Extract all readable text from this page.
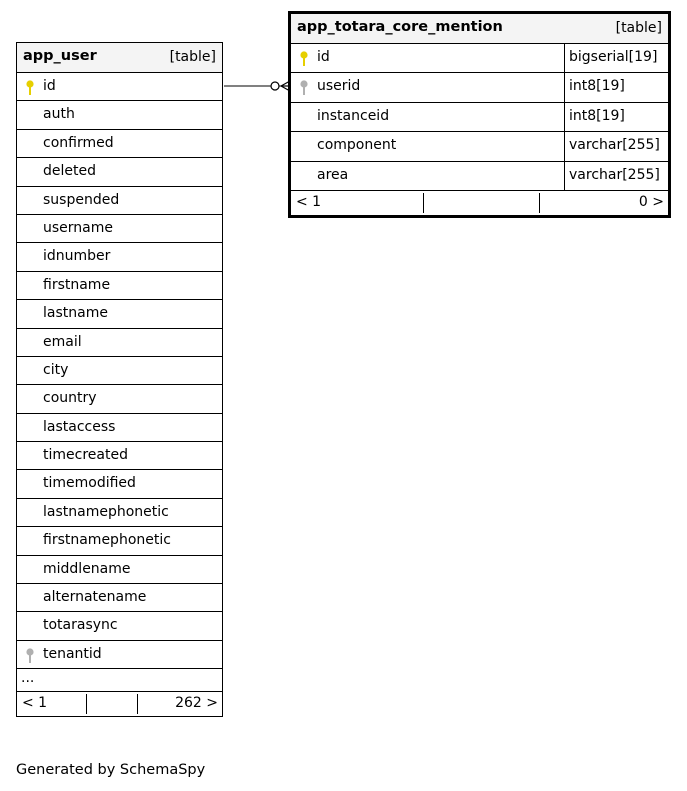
app_user	[table]
id
auth
confirmed
deleted
suspended
username
idnumber
firstname
lastname
email
city
country
lastaccess
timecreated
timemodified
lastnamephonetic
firstnamephonetic
middlename
alternatename
totarasync
tenantid
...
< 1	262 >
app_totara_core_mention	[table]
id	bigserial[19]
userid	int8[19]
instanceid	int8[19]
component	varchar[255]
area	varchar[255]
< 1	0 >
Generated by SchemaSpy
